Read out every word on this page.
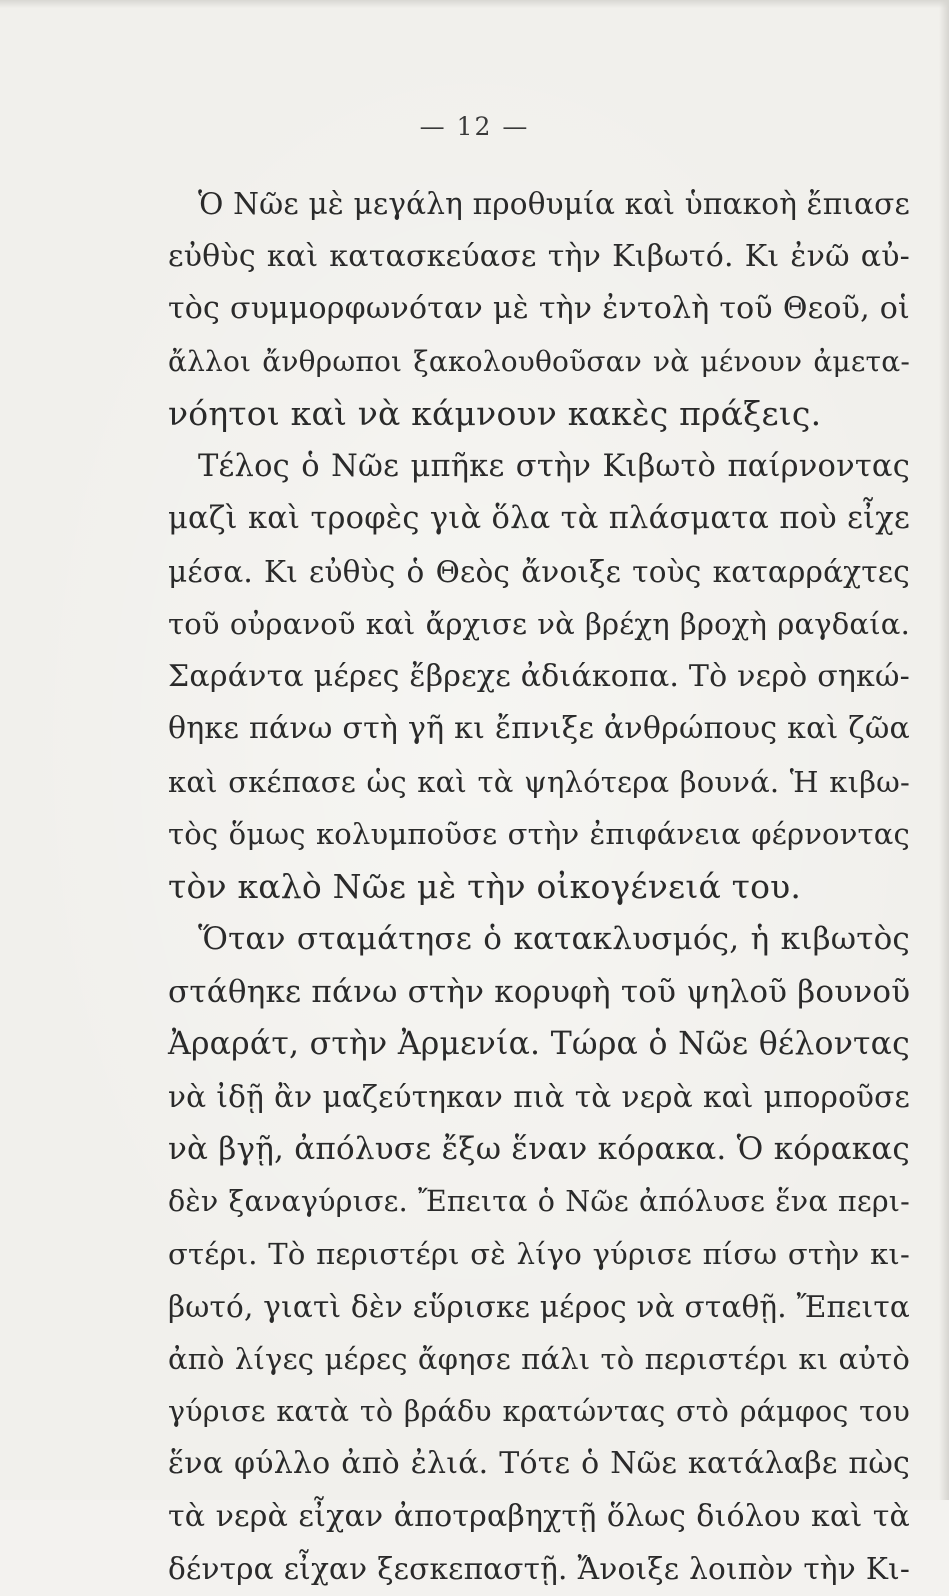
— 12 —
Ὁ Νῶε μὲ μεγάλη προθυμία καὶ ὑπακοὴ ἔπιασε
εὐθὺς καὶ κατασκεύασε τὴν Κιβωτό. Κι ἐνῶ αὐ-
τὸς συμμορφωνόταν μὲ τὴν ἐντολὴ τοῦ Θεοῦ, οἱ
ἄλλοι ἄνθρωποι ξακολουθοῦσαν νὰ μένουν ἀμετα-
νόητοι καὶ νὰ κάμνουν κακὲς πράξεις.
Τέλος ὁ Νῶε μπῆκε στὴν Κιβωτὸ παίρνοντας
μαζὶ καὶ τροφὲς γιὰ ὅλα τὰ πλάσματα ποὺ εἶχε
μέσα. Κι εὐθὺς ὁ Θεὸς ἄνοιξε τοὺς καταρράχτες
τοῦ οὐρανοῦ καὶ ἄρχισε νὰ βρέχη βροχὴ ραγδαία.
Σαράντα μέρες ἔβρεχε ἀδιάκοπα. Τὸ νερὸ σηκώ-
θηκε πάνω στὴ γῆ κι ἔπνιξε ἀνθρώπους καὶ ζῶα
καὶ σκέπασε ὡς καὶ τὰ ψηλότερα βουνά. Ἡ κιβω-
τὸς ὅμως κολυμποῦσε στὴν ἐπιφάνεια φέρνοντας
τὸν καλὸ Νῶε μὲ τὴν οἰκογένειά του.
Ὅταν σταμάτησε ὁ κατακλυσμός, ἡ κιβωτὸς
στάθηκε πάνω στὴν κορυφὴ τοῦ ψηλοῦ βουνοῦ
Ἀραράτ, στὴν Ἀρμενία. Τώρα ὁ Νῶε θέλοντας
νὰ ἰδῇ ἂν μαζεύτηκαν πιὰ τὰ νερὰ καὶ μποροῦσε
νὰ βγῇ, ἀπόλυσε ἔξω ἕναν κόρακα. Ὁ κόρακας
δὲν ξαναγύρισε. Ἔπειτα ὁ Νῶε ἀπόλυσε ἕνα περι-
στέρι. Τὸ περιστέρι σὲ λίγο γύρισε πίσω στὴν κι-
βωτό, γιατὶ δὲν εὕρισκε μέρος νὰ σταθῇ. Ἔπειτα
ἀπὸ λίγες μέρες ἄφησε πάλι τὸ περιστέρι κι αὐτὸ
γύρισε κατὰ τὸ βράδυ κρατώντας στὸ ράμφος του
ἕνα φύλλο ἀπὸ ἐλιά. Τότε ὁ Νῶε κατάλαβε πὼς
τὰ νερὰ εἶχαν ἀποτραβηχτῇ ὅλως διόλου καὶ τὰ
δέντρα εἶχαν ξεσκεπαστῇ. Ἄνοιξε λοιπὸν τὴν Κι-
